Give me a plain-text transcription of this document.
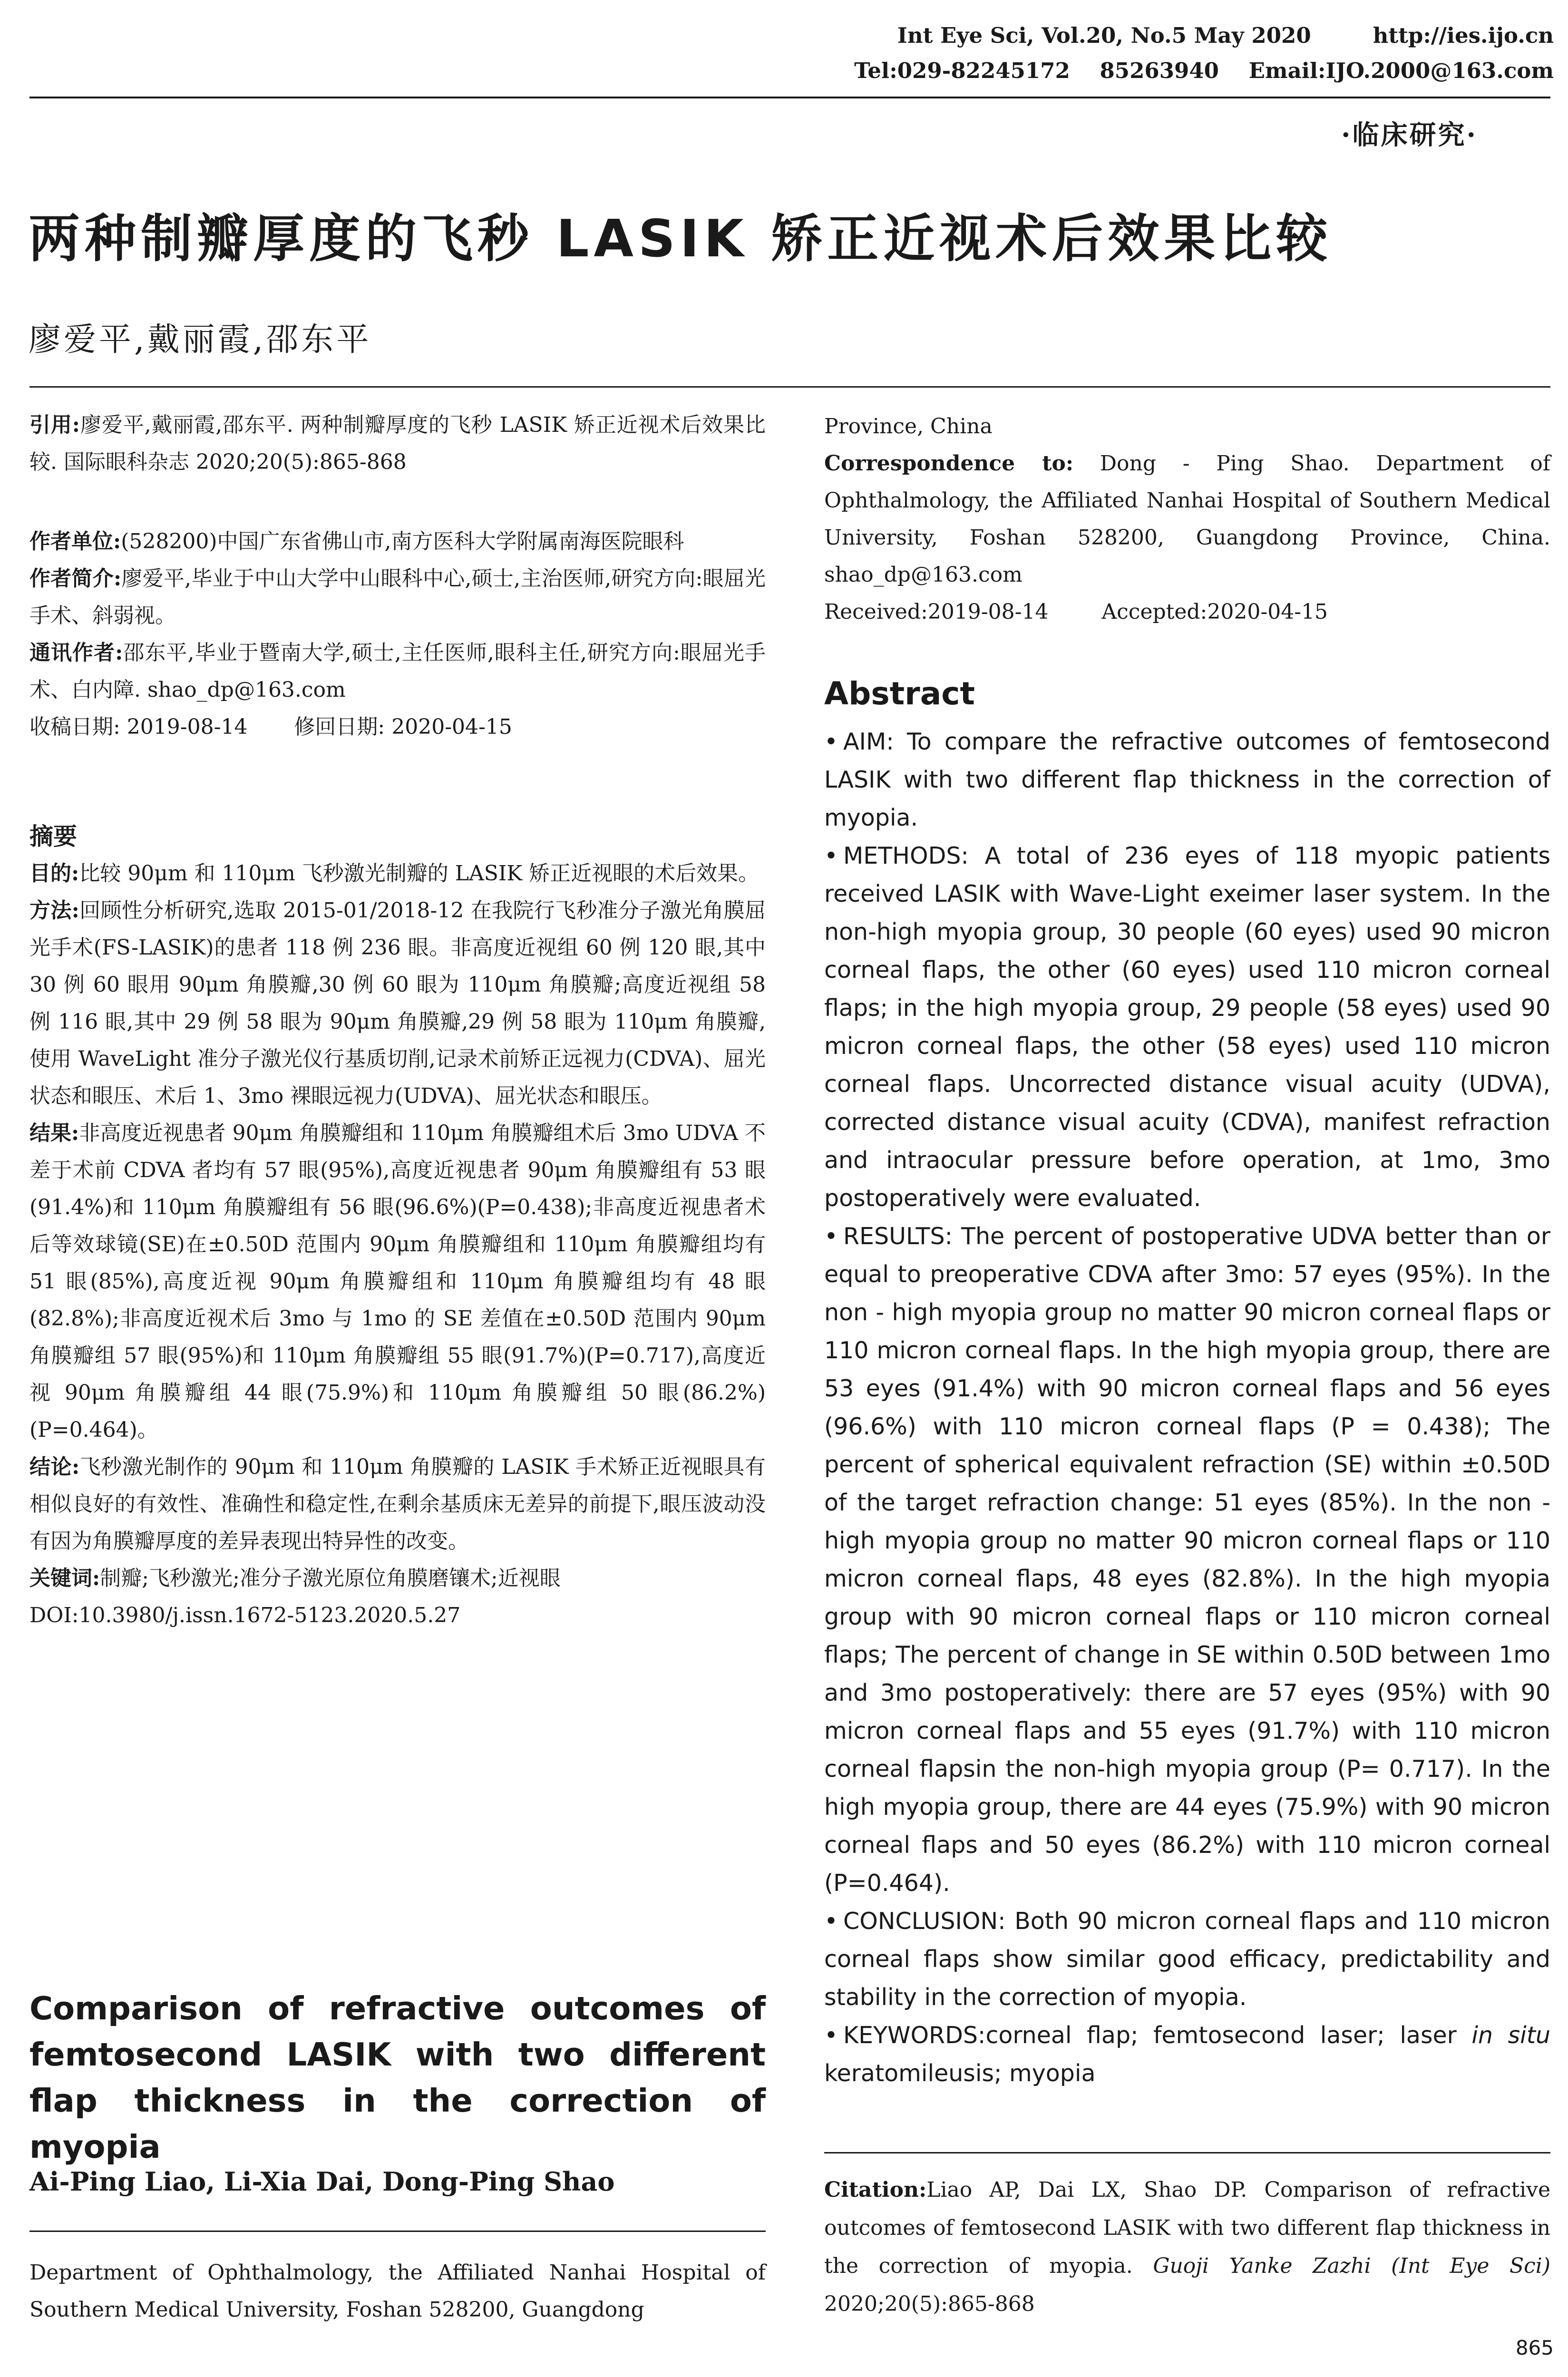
Int Eye Sci, Vol.20, No.5 May 2020	http://ies.ijo.cn
Tel:029-82245172 85263940 Email:IJO.2000@163.com
·临床研究·
两种制瓣厚度的飞秒 LASIK 矫正近视术后效果比较
廖爱平,戴丽霞,邵东平

引用:廖爱平,戴丽霞,邵东平. 两种制瓣厚度的飞秒 LASIK 矫正近视术后效果比较. 国际眼科杂志 2020;20(5):865-868

作者单位:(528200)中国广东省佛山市,南方医科大学附属南海医院眼科

作者简介:廖爱平,毕业于中山大学中山眼科中心,硕士,主治医师,研究方向:眼屈光手术、斜弱视。

通讯作者:邵东平,毕业于暨南大学,硕士,主任医师,眼科主任,研究方向:眼屈光手术、白内障. shao_dp@163.com

收稿日期: 2019-08-14 修回日期: 2020-04-15

摘要

目的:比较 90μm 和 110μm 飞秒激光制瓣的 LASIK 矫正近视眼的术后效果。

方法:回顾性分析研究,选取 2015-01/2018-12 在我院行飞秒准分子激光角膜屈光手术(FS-LASIK)的患者 118 例 236 眼。非高度近视组 60 例 120 眼,其中 30 例 60 眼用 90μm 角膜瓣,30 例 60 眼为 110μm 角膜瓣;高度近视组 58 例 116 眼,其中 29 例 58 眼为 90μm 角膜瓣,29 例 58 眼为 110μm 角膜瓣,使用 WaveLight 准分子激光仪行基质切削,记录术前矫正远视力(CDVA)、屈光状态和眼压、术后 1、3mo 裸眼远视力(UDVA)、屈光状态和眼压。

结果:非高度近视患者 90μm 角膜瓣组和 110μm 角膜瓣组术后 3mo UDVA 不差于术前 CDVA 者均有 57 眼(95%),高度近视患者 90μm 角膜瓣组有 53 眼(91.4%)和 110μm 角膜瓣组有 56 眼(96.6%)(P=0.438);非高度近视患者术后等效球镜(SE)在±0.50D 范围内 90μm 角膜瓣组和 110μm 角膜瓣组均有 51 眼(85%),高度近视 90μm 角膜瓣组和 110μm 角膜瓣组均有 48 眼(82.8%);非高度近视术后 3mo 与 1mo 的 SE 差值在±0.50D 范围内 90μm 角膜瓣组 57 眼(95%)和 110μm 角膜瓣组 55 眼(91.7%)(P=0.717),高度近视 90μm 角膜瓣组 44 眼(75.9%)和 110μm 角膜瓣组 50 眼(86.2%)(P=0.464)。

结论:飞秒激光制作的 90μm 和 110μm 角膜瓣的 LASIK 手术矫正近视眼具有相似良好的有效性、准确性和稳定性,在剩余基质床无差异的前提下,眼压波动没有因为角膜瓣厚度的差异表现出特异性的改变。

关键词:制瓣;飞秒激光;准分子激光原位角膜磨镶术;近视眼

DOI:10.3980/j.issn.1672-5123.2020.5.27

Comparison of refractive outcomes of femtosecond LASIK with two different flap thickness in the correction of myopia
Ai-Ping Liao, Li-Xia Dai, Dong-Ping Shao
Department of Ophthalmology, the Affiliated Nanhai Hospital of Southern Medical University, Foshan 528200, Guangdong

Province, China

Correspondence to: Dong - Ping Shao. Department of Ophthalmology, the Affiliated Nanhai Hospital of Southern Medical University, Foshan 528200, Guangdong Province, China. shao_dp@163.com

Received:2019-08-14	Accepted:2020-04-15

Abstract

• AIM: To compare the refractive outcomes of femtosecond LASIK with two different flap thickness in the correction of myopia.

• METHODS: A total of 236 eyes of 118 myopic patients received LASIK with Wave-Light exeimer laser system. In the non-high myopia group, 30 people (60 eyes) used 90 micron corneal flaps, the other (60 eyes) used 110 micron corneal flaps; in the high myopia group, 29 people (58 eyes) used 90 micron corneal flaps, the other (58 eyes) used 110 micron corneal flaps. Uncorrected distance visual acuity (UDVA), corrected distance visual acuity (CDVA), manifest refraction and intraocular pressure before operation, at 1mo, 3mo postoperatively were evaluated.

• RESULTS: The percent of postoperative UDVA better than or equal to preoperative CDVA after 3mo: 57 eyes (95%). In the non - high myopia group no matter 90 micron corneal flaps or 110 micron corneal flaps. In the high myopia group, there are 53 eyes (91.4%) with 90 micron corneal flaps and 56 eyes (96.6%) with 110 micron corneal flaps (P = 0.438); The percent of spherical equivalent refraction (SE) within ±0.50D of the target refraction change: 51 eyes (85%). In the non - high myopia group no matter 90 micron corneal flaps or 110 micron corneal flaps, 48 eyes (82.8%). In the high myopia group with 90 micron corneal flaps or 110 micron corneal flaps; The percent of change in SE within 0.50D between 1mo and 3mo postoperatively: there are 57 eyes (95%) with 90 micron corneal flaps and 55 eyes (91.7%) with 110 micron corneal flapsin the non-high myopia group (P= 0.717). In the high myopia group, there are 44 eyes (75.9%) with 90 micron corneal flaps and 50 eyes (86.2%) with 110 micron corneal (P=0.464).

• CONCLUSION: Both 90 micron corneal flaps and 110 micron corneal flaps show similar good efficacy, predictability and stability in the correction of myopia.

• KEYWORDS:corneal flap; femtosecond laser; laser in situ keratomileusis; myopia

Citation:Liao AP, Dai LX, Shao DP. Comparison of refractive outcomes of femtosecond LASIK with two different flap thickness in the correction of myopia. Guoji Yanke Zazhi (Int Eye Sci) 2020;20(5):865-868
865
